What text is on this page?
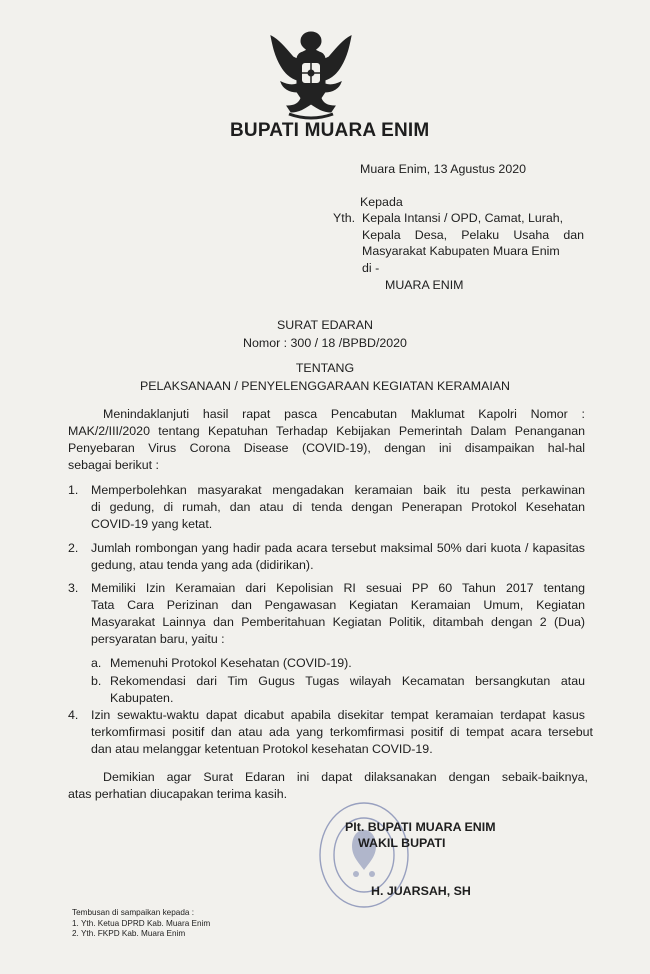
BUPATI MUARA ENIM
Muara Enim, 13 Agustus 2020
Kepada
Yth. Kepala Intansi / OPD, Camat, Lurah,
Kepala Desa, Pelaku Usaha dan
Masyarakat Kabupaten Muara Enim
di -
MUARA ENIM
SURAT EDARAN
Nomor : 300 / 18 /BPBD/2020
TENTANG
PELAKSANAAN / PENYELENGGARAAN KEGIATAN KERAMAIAN
Menindaklanjuti hasil rapat pasca Pencabutan Maklumat Kapolri Nomor :
MAK/2/III/2020 tentang Kepatuhan Terhadap Kebijakan Pemerintah Dalam Penanganan
Penyebaran Virus Corona Disease (COVID-19), dengan ini disampaikan hal-hal
sebagai berikut :
1. Memperbolehkan masyarakat mengadakan keramaian baik itu pesta perkawinan
di gedung, di rumah, dan atau di tenda dengan Penerapan Protokol Kesehatan
COVID-19 yang ketat.
2. Jumlah rombongan yang hadir pada acara tersebut maksimal 50% dari kuota / kapasitas
gedung, atau tenda yang ada (didirikan).
3. Memiliki Izin Keramaian dari Kepolisian RI sesuai PP 60 Tahun 2017 tentang
Tata Cara Perizinan dan Pengawasan Kegiatan Keramaian Umum, Kegiatan
Masyarakat Lainnya dan Pemberitahuan Kegiatan Politik, ditambah dengan 2 (Dua)
persyaratan baru, yaitu :
a. Memenuhi Protokol Kesehatan (COVID-19).
b. Rekomendasi dari Tim Gugus Tugas wilayah Kecamatan bersangkutan atau
Kabupaten.
4. Izin sewaktu-waktu dapat dicabut apabila disekitar tempat keramaian terdapat kasus
terkomfirmasi positif dan atau ada yang terkomfirmasi positif di tempat acara tersebut
dan atau melanggar ketentuan Protokol kesehatan COVID-19.
Demikian agar Surat Edaran ini dapat dilaksanakan dengan sebaik-baiknya,
atas perhatian diucapakan terima kasih.
PIt. BUPATI MUARA ENIM
WAKIL BUPATI
H. JUARSAH, SH
Tembusan di sampaikan kepada :
1. Yth. Ketua DPRD Kab. Muara Enim
2. Yth. FKPD Kab. Muara Enim
